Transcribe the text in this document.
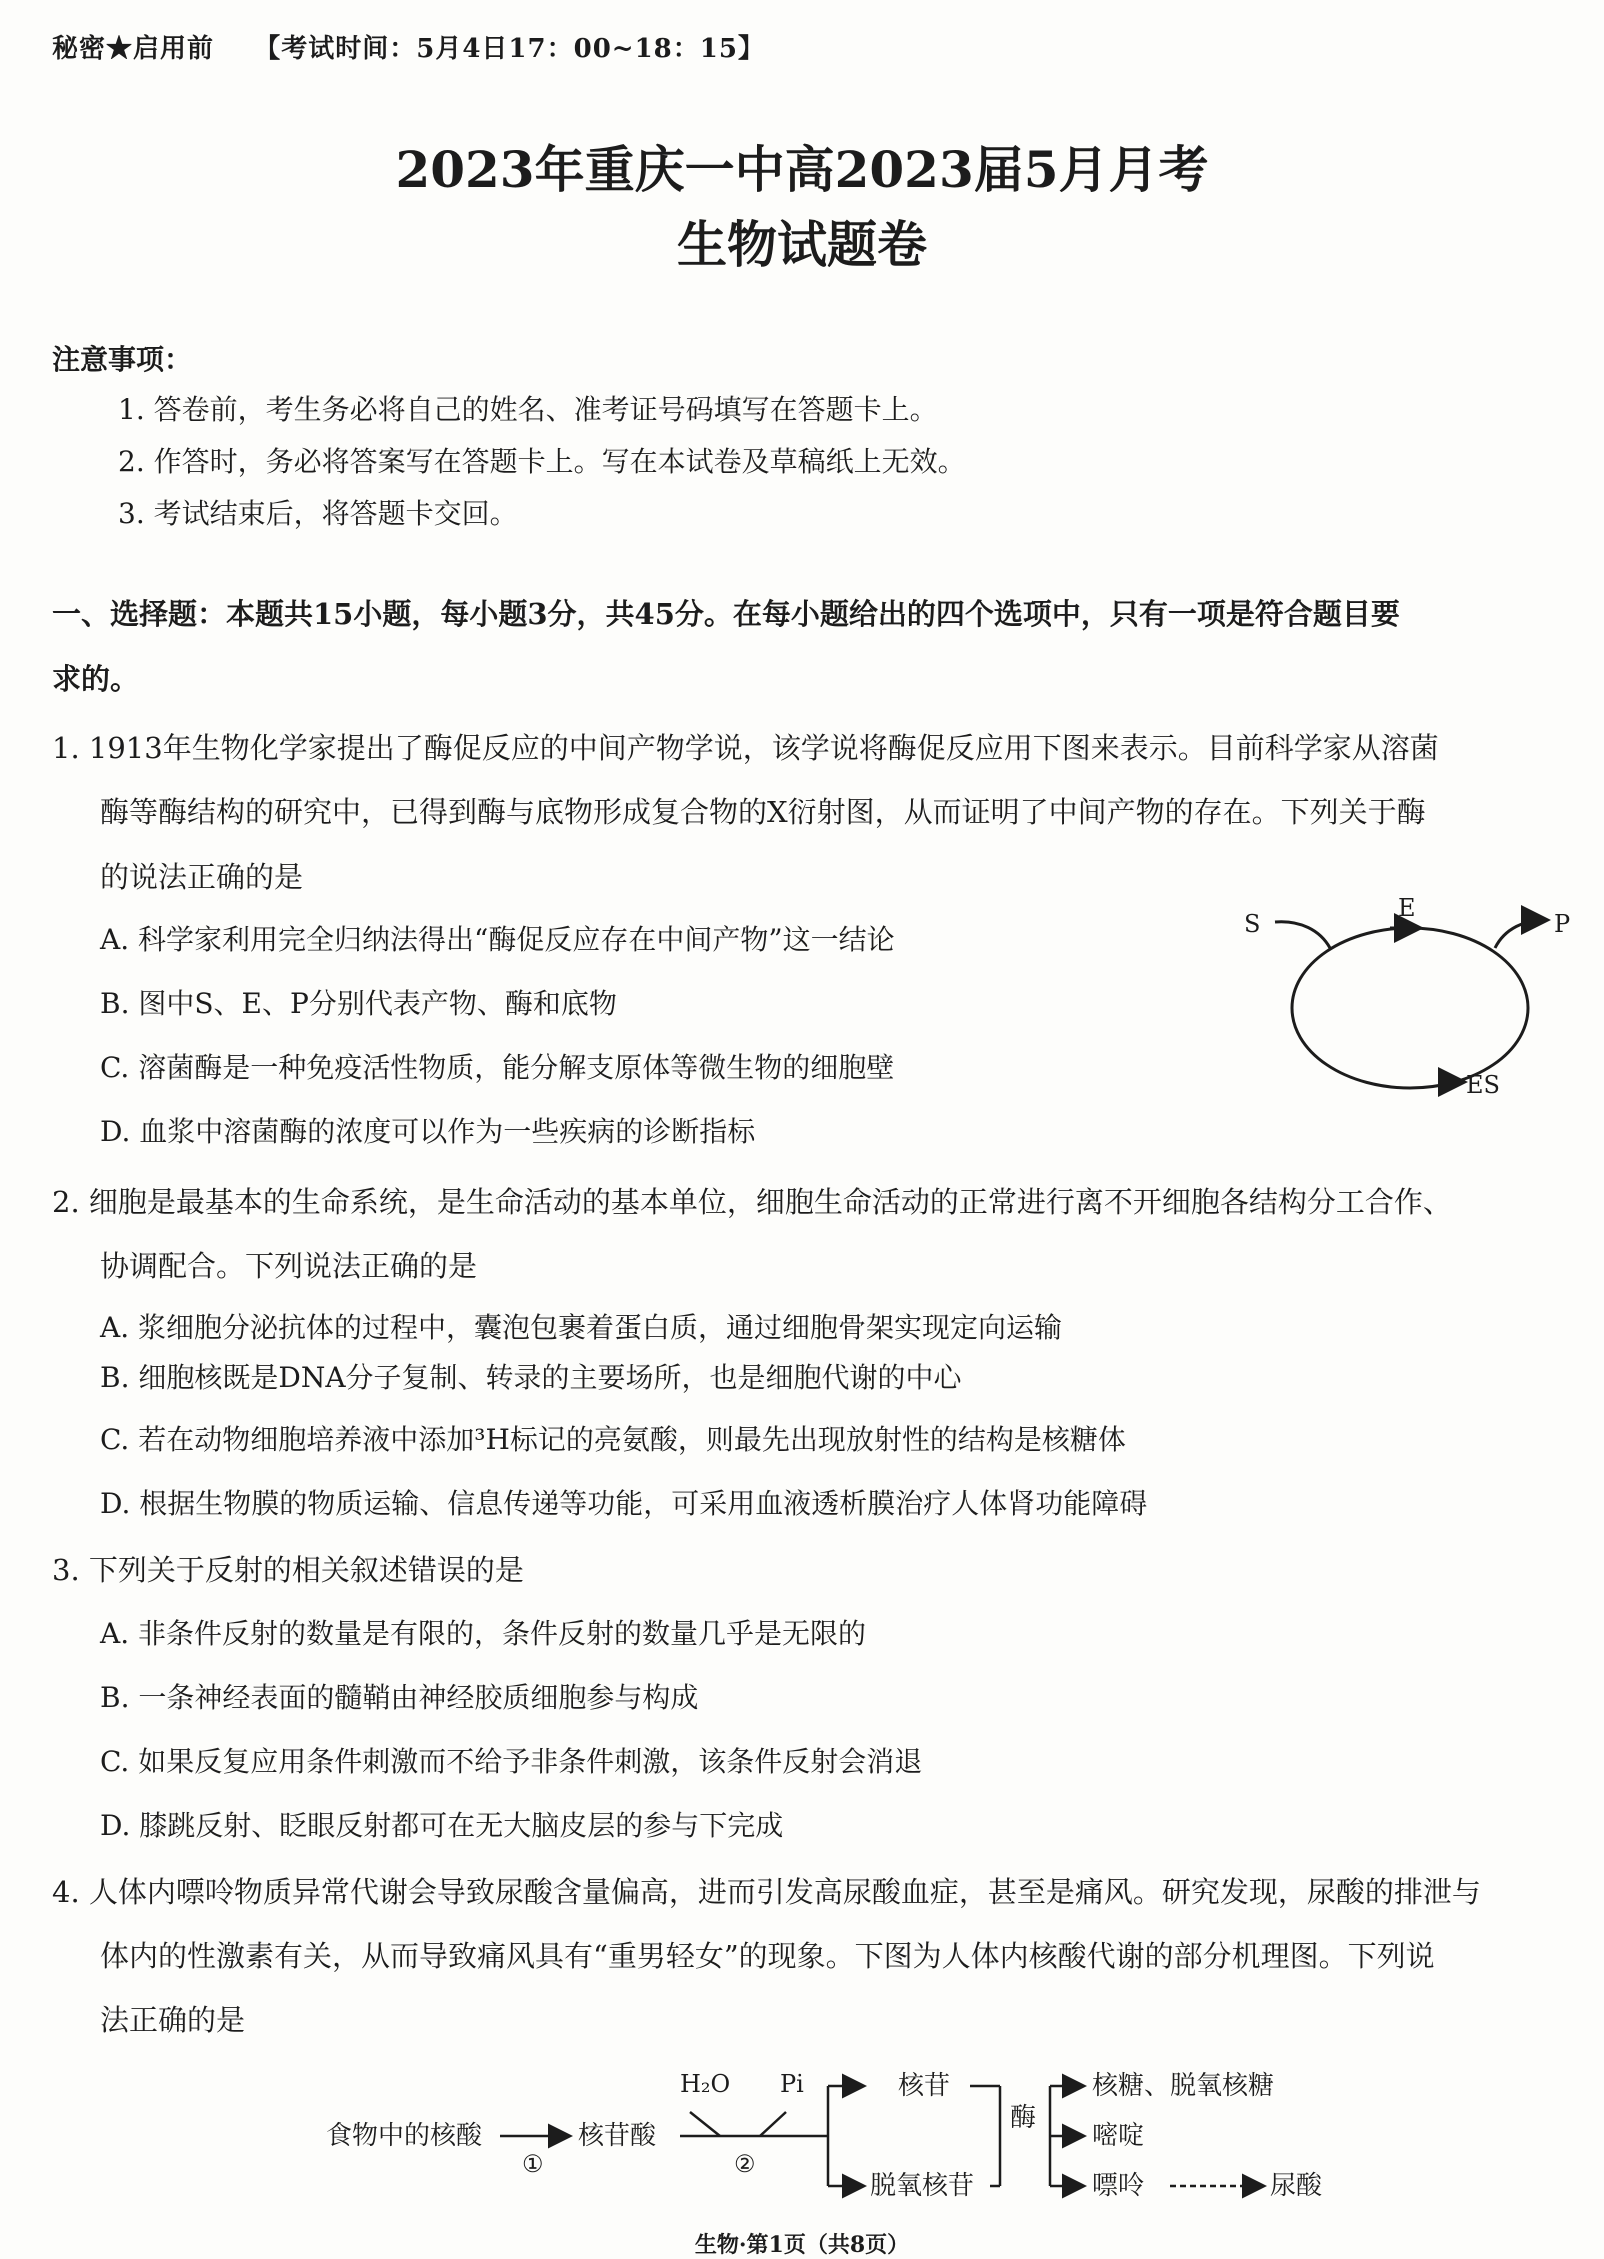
秘密★启用前 【考试时间：5月4日17：00~18：15】
2023年重庆一中高2023届5月月考
生物试题卷
注意事项：
1. 答卷前，考生务必将自己的姓名、准考证号码填写在答题卡上。
2. 作答时，务必将答案写在答题卡上。写在本试卷及草稿纸上无效。
3. 考试结束后，将答题卡交回。
一、选择题：本题共15小题，每小题3分，共45分。在每小题给出的四个选项中，只有一项是符合题目要
求的。
1. 1913年生物化学家提出了酶促反应的中间产物学说，该学说将酶促反应用下图来表示。目前科学家从溶菌
酶等酶结构的研究中，已得到酶与底物形成复合物的X衍射图，从而证明了中间产物的存在。下列关于酶
的说法正确的是
A. 科学家利用完全归纳法得出“酶促反应存在中间产物”这一结论
B. 图中S、E、P分别代表产物、酶和底物
C. 溶菌酶是一种免疫活性物质，能分解支原体等微生物的细胞壁
D. 血浆中溶菌酶的浓度可以作为一些疾病的诊断指标
S
E
P
ES
2. 细胞是最基本的生命系统，是生命活动的基本单位，细胞生命活动的正常进行离不开细胞各结构分工合作、
协调配合。下列说法正确的是
A. 浆细胞分泌抗体的过程中，囊泡包裹着蛋白质，通过细胞骨架实现定向运输
B. 细胞核既是DNA分子复制、转录的主要场所，也是细胞代谢的中心
C. 若在动物细胞培养液中添加³H标记的亮氨酸，则最先出现放射性的结构是核糖体
D. 根据生物膜的物质运输、信息传递等功能，可采用血液透析膜治疗人体肾功能障碍
3. 下列关于反射的相关叙述错误的是
A. 非条件反射的数量是有限的，条件反射的数量几乎是无限的
B. 一条神经表面的髓鞘由神经胶质细胞参与构成
C. 如果反复应用条件刺激而不给予非条件刺激，该条件反射会消退
D. 膝跳反射、眨眼反射都可在无大脑皮层的参与下完成
4. 人体内嘌呤物质异常代谢会导致尿酸含量偏高，进而引发高尿酸血症，甚至是痛风。研究发现，尿酸的排泄与
体内的性激素有关，从而导致痛风具有“重男轻女”的现象。下图为人体内核酸代谢的部分机理图。下列说
法正确的是
食物中的核酸
①
核苷酸
H₂O Pi
②
核苷
脱氧核苷
酶
核糖、脱氧核糖
嘧啶
嘌呤	尿酸
生物·第1页（共8页）
